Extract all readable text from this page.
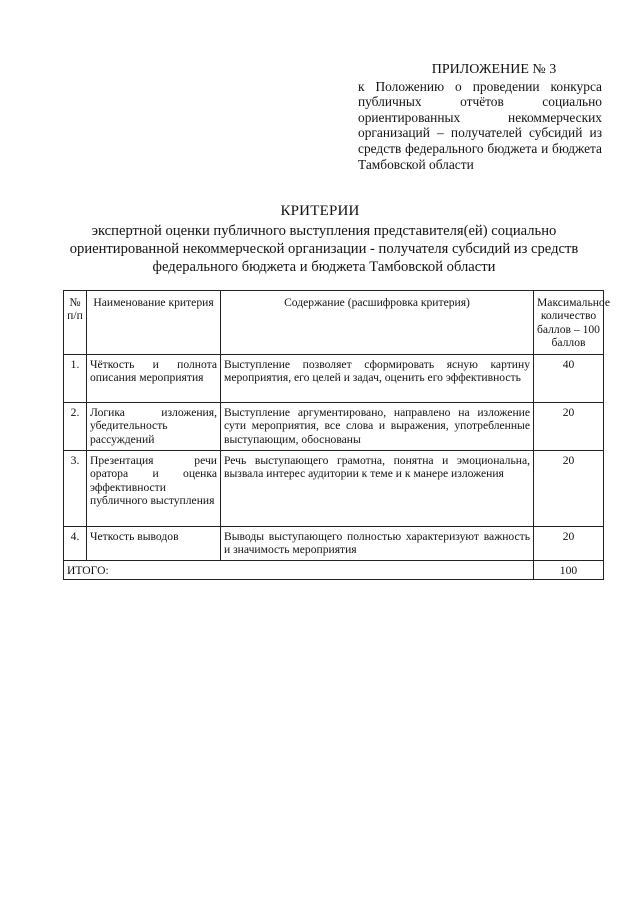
ПРИЛОЖЕНИЕ № 3
к Положению о проведении конкурса публичных отчётов социально ориентированных некоммерческих организаций – получателей субсидий из средств федерального бюджета и бюджета Тамбовской области
КРИТЕРИИ
экспертной оценки публичного выступления представителя(ей) социально ориентированной некоммерческой организации - получателя субсидий из средств федерального бюджета и бюджета Тамбовской области
№ п/п	Наименование критерия	Содержание (расшифровка критерия)	Максимальное количество баллов – 100 баллов
1.	Чёткость и полнота описания мероприятия	Выступление позволяет сформировать ясную картину мероприятия, его целей и задач, оценить его эффективность	40
2.	Логика изложения, убедительность рассуждений	Выступление аргументировано, направлено на изложение сути мероприятия, все слова и выражения, употребленные выступающим, обоснованы	20
3.	Презентация речи оратора и оценка эффективности публичного выступления	Речь выступающего грамотна, понятна и эмоциональна, вызвала интерес аудитории к теме и к манере изложения	20
4.	Четкость выводов	Выводы выступающего полностью характеризуют важность и значимость мероприятия	20
ИТОГО:			100
